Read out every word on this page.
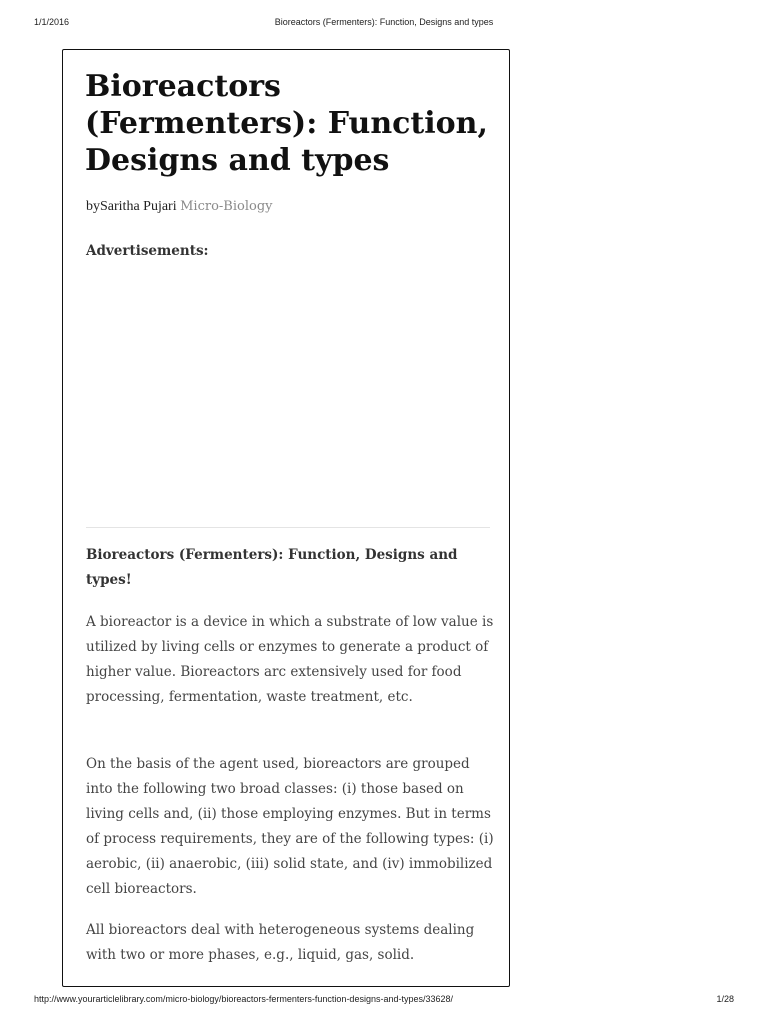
1/1/2016	Bioreactors (Fermenters): Function, Designs and types
Bioreactors (Fermenters): Function, Designs and types
bySaritha Pujari Micro-Biology
Advertisements:

Bioreactors (Fermenters): Function, Designs and types!

A bioreactor is a device in which a substrate of low value is utilized by living cells or enzymes to generate a product of higher value. Bioreactors arc extensively used for food processing, fermentation, waste treatment, etc.

On the basis of the agent used, bioreactors are grouped into the following two broad classes: (i) those based on living cells and, (ii) those employing enzymes. But in terms of process requirements, they are of the following types: (i) aerobic, (ii) anaerobic, (iii) solid state, and (iv) immobilized cell bioreactors.

All bioreactors deal with heterogeneous systems dealing with two or more phases, e.g., liquid, gas, solid.

http://www.yourarticlelibrary.com/micro-biology/bioreactors-fermenters-function-designs-and-types/33628/	1/28
